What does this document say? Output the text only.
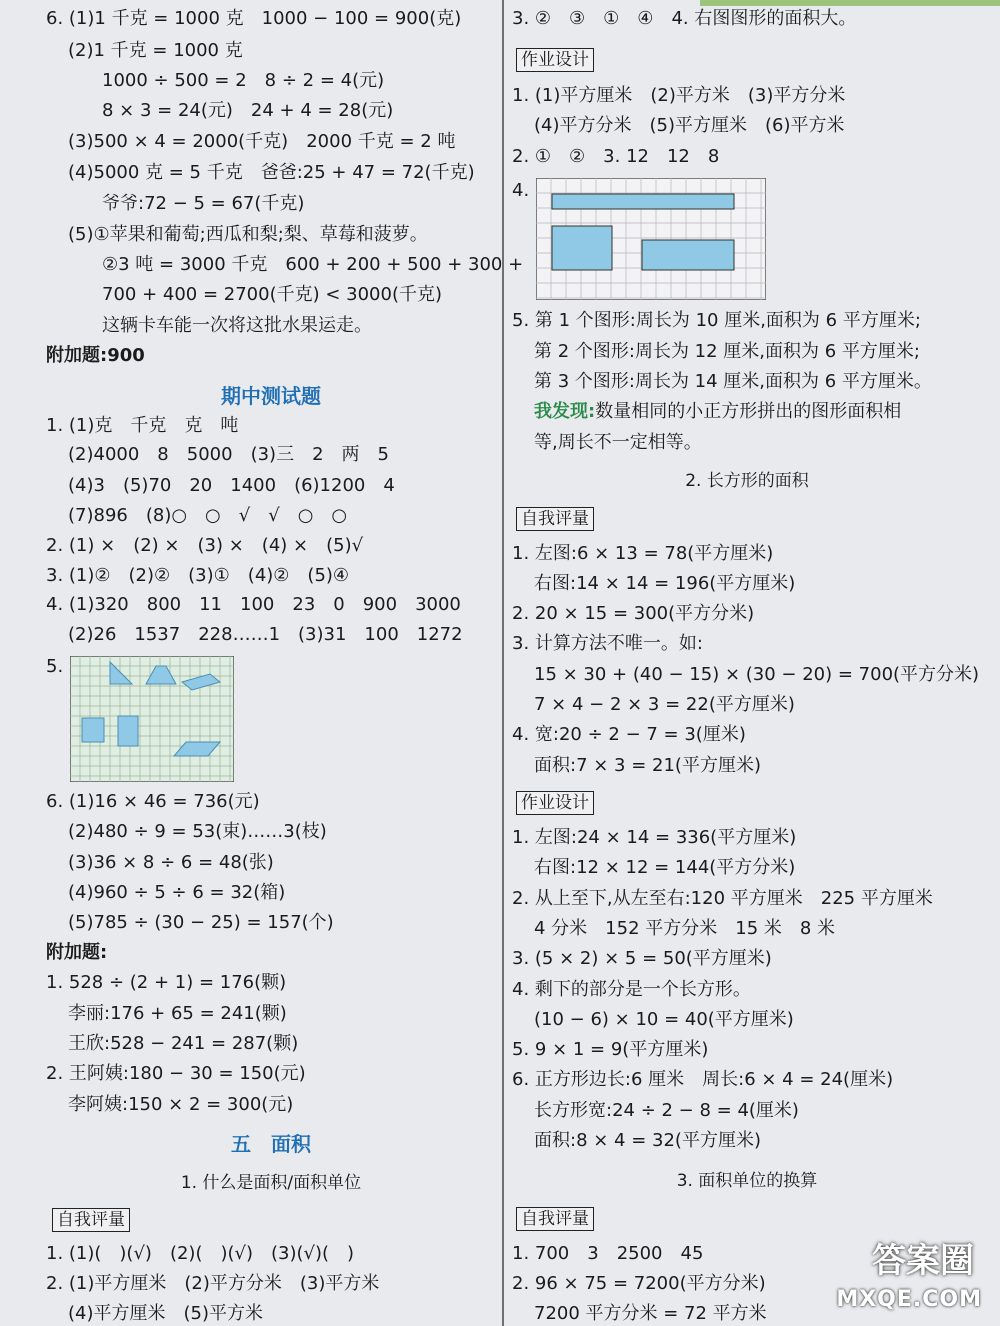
6. (1)1 千克 = 1000 克　1000 − 100 = 900(克)
(2)1 千克 = 1000 克
1000 ÷ 500 = 2　8 ÷ 2 = 4(元)
8 × 3 = 24(元)　24 + 4 = 28(元)
(3)500 × 4 = 2000(千克)　2000 千克 = 2 吨
(4)5000 克 = 5 千克　爸爸:25 + 47 = 72(千克)
爷爷:72 − 5 = 67(千克)
(5)①苹果和葡萄;西瓜和梨;梨、草莓和菠萝。
②3 吨 = 3000 千克　600 + 200 + 500 + 300 +
700 + 400 = 2700(千克) < 3000(千克)
这辆卡车能一次将这批水果运走。
附加题:900
期中测试题
1. (1)克　千克　克　吨
(2)4000　8　5000　(3)三　2　两　5
(4)3　(5)70　20　1400　(6)1200　4
(7)896　(8)○　○　√　√　○　○
2. (1) ×　(2) ×　(3) ×　(4) ×　(5)√
3. (1)②　(2)②　(3)①　(4)②　(5)④
4. (1)320　800　11　100　23　0　900　3000
(2)26　1537　228……1　(3)31　100　1272
5.
6. (1)16 × 46 = 736(元)
(2)480 ÷ 9 = 53(束)……3(枝)
(3)36 × 8 ÷ 6 = 48(张)
(4)960 ÷ 5 ÷ 6 = 32(箱)
(5)785 ÷ (30 − 25) = 157(个)
附加题:
1. 528 ÷ (2 + 1) = 176(颗)
李丽:176 + 65 = 241(颗)
王欣:528 − 241 = 287(颗)
2. 王阿姨:180 − 30 = 150(元)
李阿姨:150 × 2 = 300(元)
五　面积
1. 什么是面积/面积单位
自我评量
1. (1)(　)(√)　(2)(　)(√)　(3)(√)(　)
2. (1)平方厘米　(2)平方分米　(3)平方米
(4)平方厘米　(5)平方米
3. ②　③　①　④　4. 右图图形的面积大。
作业设计
1. (1)平方厘米　(2)平方米　(3)平方分米
(4)平方分米　(5)平方厘米　(6)平方米
2. ①　②　3. 12　12　8
4.
5. 第 1 个图形:周长为 10 厘米,面积为 6 平方厘米;
第 2 个图形:周长为 12 厘米,面积为 6 平方厘米;
第 3 个图形:周长为 14 厘米,面积为 6 平方厘米。
我发现:数量相同的小正方形拼出的图形面积相
等,周长不一定相等。
2. 长方形的面积
自我评量
1. 左图:6 × 13 = 78(平方厘米)
右图:14 × 14 = 196(平方厘米)
2. 20 × 15 = 300(平方分米)
3. 计算方法不唯一。如:
15 × 30 + (40 − 15) × (30 − 20) = 700(平方分米)
7 × 4 − 2 × 3 = 22(平方厘米)
4. 宽:20 ÷ 2 − 7 = 3(厘米)
面积:7 × 3 = 21(平方厘米)
作业设计
1. 左图:24 × 14 = 336(平方厘米)
右图:12 × 12 = 144(平方分米)
2. 从上至下,从左至右:120 平方厘米　225 平方厘米
4 分米　152 平方分米　15 米　8 米
3. (5 × 2) × 5 = 50(平方厘米)
4. 剩下的部分是一个长方形。
(10 − 6) × 10 = 40(平方厘米)
5. 9 × 1 = 9(平方厘米)
6. 正方形边长:6 厘米　周长:6 × 4 = 24(厘米)
长方形宽:24 ÷ 2 − 8 = 4(厘米)
面积:8 × 4 = 32(平方厘米)
3. 面积单位的换算
自我评量
1. 700　3　2500　45
2. 96 × 75 = 7200(平方分米)
7200 平方分米 = 72 平方米
答案圈
MXQE.COM
